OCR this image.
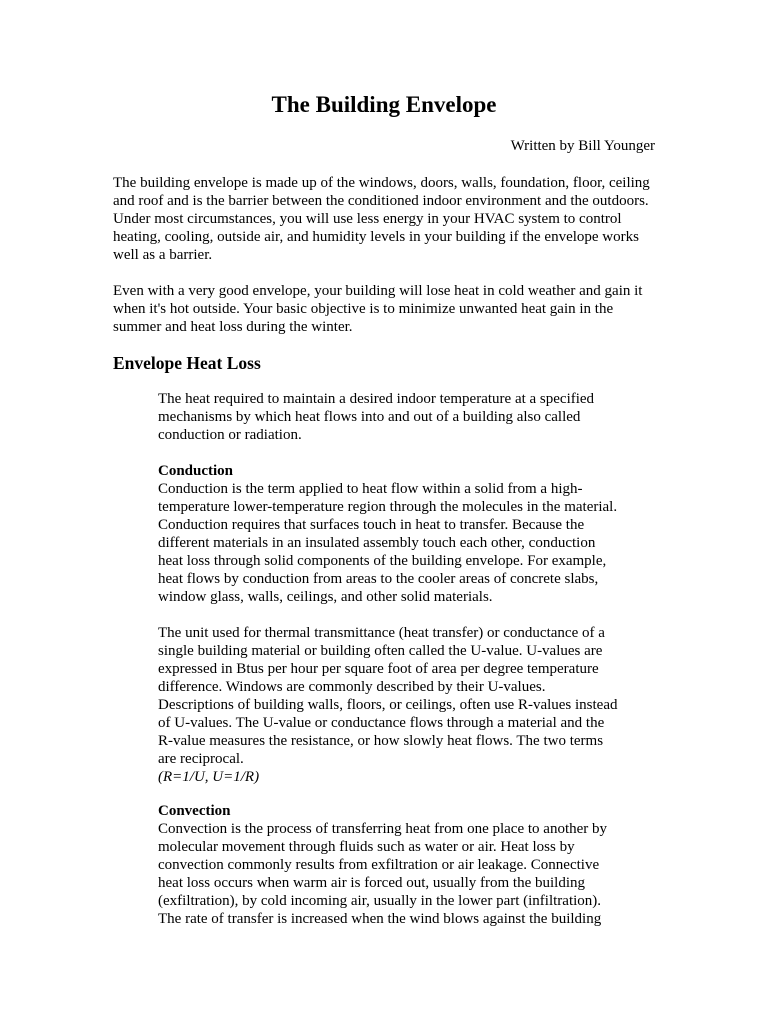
The Building Envelope

Written by Bill Younger

The building envelope is made up of the windows, doors, walls, foundation, floor, ceiling and roof and is the barrier between the conditioned indoor environment and the outdoors. Under most circumstances, you will use less energy in your HVAC system to control heating, cooling, outside air, and humidity levels in your building if the envelope works well as a barrier.

Even with a very good envelope, your building will lose heat in cold weather and gain it when it's hot outside. Your basic objective is to minimize unwanted heat gain in the summer and heat loss during the winter.

Envelope Heat Loss

The heat required to maintain a desired indoor temperature at a specified mechanisms by which heat flows into and out of a building also called conduction or radiation.

Conduction
Conduction is the term applied to heat flow within a solid from a high-temperature lower-temperature region through the molecules in the material. Conduction requires that surfaces touch in heat to transfer. Because the different materials in an insulated assembly touch each other, conduction heat loss through solid components of the building envelope. For example, heat flows by conduction from areas to the cooler areas of concrete slabs, window glass, walls, ceilings, and other solid materials.
The unit used for thermal transmittance (heat transfer) or conductance of a single building material or building often called the U-value. U-values are expressed in Btus per hour per square foot of area per degree temperature difference. Windows are commonly described by their U-values. Descriptions of building walls, floors, or ceilings, often use R-values instead of U-values. The U-value or conductance flows through a material and the R-value measures the resistance, or how slowly heat flows. The two terms are reciprocal.
(R=1/U, U=1/R)
Convection
Convection is the process of transferring heat from one place to another by molecular movement through fluids such as water or air. Heat loss by convection commonly results from exfiltration or air leakage. Connective heat loss occurs when warm air is forced out, usually from the building (exfiltration), by cold incoming air, usually in the lower part (infiltration). The rate of transfer is increased when the wind blows against the building
